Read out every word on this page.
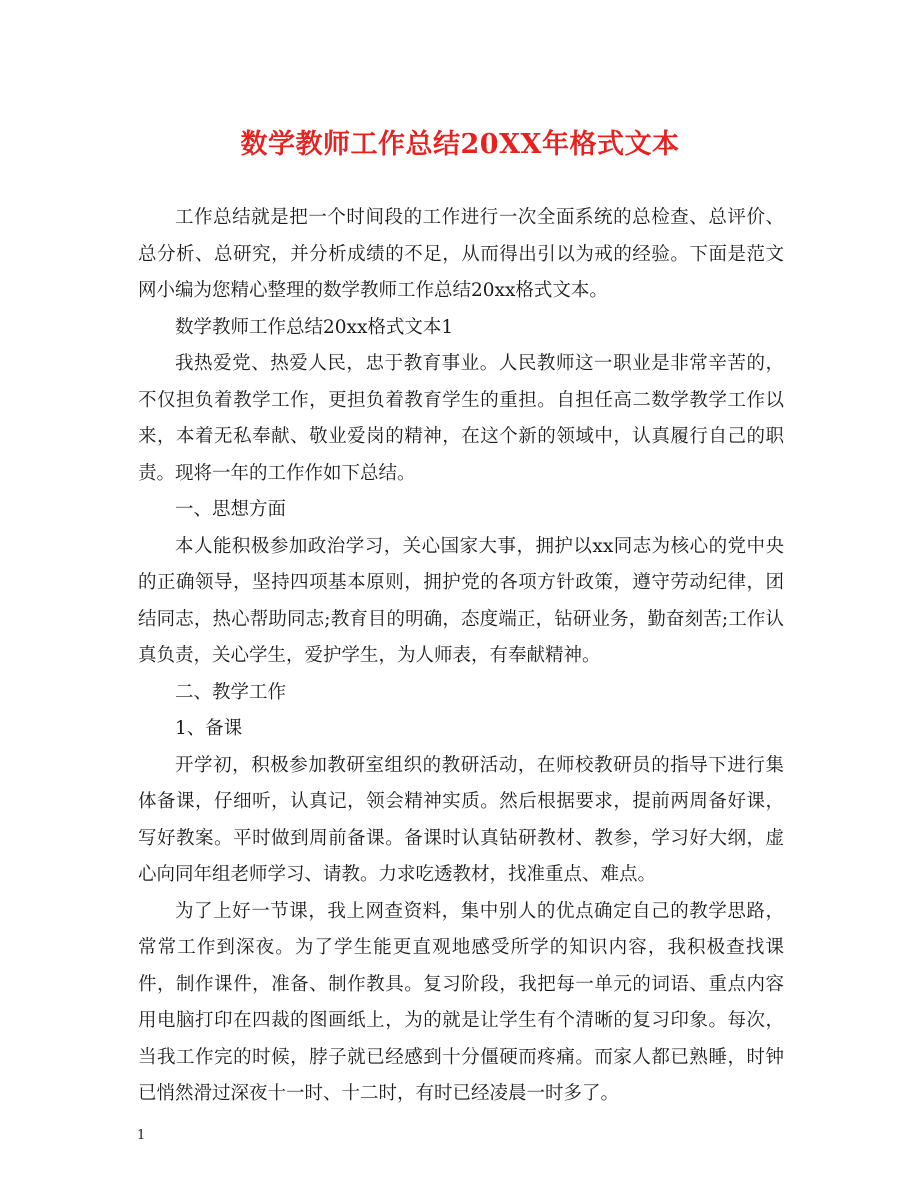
数学教师工作总结20XX年格式文本

工作总结就是把一个时间段的工作进行一次全面系统的总检查、总评价、总分析、总研究，并分析成绩的不足，从而得出引以为戒的经验。下面是范文网小编为您精心整理的数学教师工作总结20xx格式文本。

数学教师工作总结20xx格式文本1

我热爱党、热爱人民，忠于教育事业。人民教师这一职业是非常辛苦的，不仅担负着教学工作，更担负着教育学生的重担。自担任高二数学教学工作以来，本着无私奉献、敬业爱岗的精神，在这个新的领域中，认真履行自己的职责。现将一年的工作作如下总结。

一、思想方面

本人能积极参加政治学习，关心国家大事，拥护以xx同志为核心的党中央的正确领导，坚持四项基本原则，拥护党的各项方针政策，遵守劳动纪律，团结同志，热心帮助同志;教育目的明确，态度端正，钻研业务，勤奋刻苦;工作认真负责，关心学生，爱护学生，为人师表，有奉献精神。

二、教学工作

1、备课

开学初，积极参加教研室组织的教研活动，在师校教研员的指导下进行集体备课，仔细听，认真记，领会精神实质。然后根据要求，提前两周备好课，写好教案。平时做到周前备课。备课时认真钻研教材、教参，学习好大纲，虚心向同年组老师学习、请教。力求吃透教材，找准重点、难点。

为了上好一节课，我上网查资料，集中别人的优点确定自己的教学思路，常常工作到深夜。为了学生能更直观地感受所学的知识内容，我积极查找课件，制作课件，准备、制作教具。复习阶段，我把每一单元的词语、重点内容用电脑打印在四裁的图画纸上，为的就是让学生有个清晰的复习印象。每次，当我工作完的时候，脖子就已经感到十分僵硬而疼痛。而家人都已熟睡，时钟已悄然滑过深夜十一时、十二时，有时已经凌晨一时多了。

1
